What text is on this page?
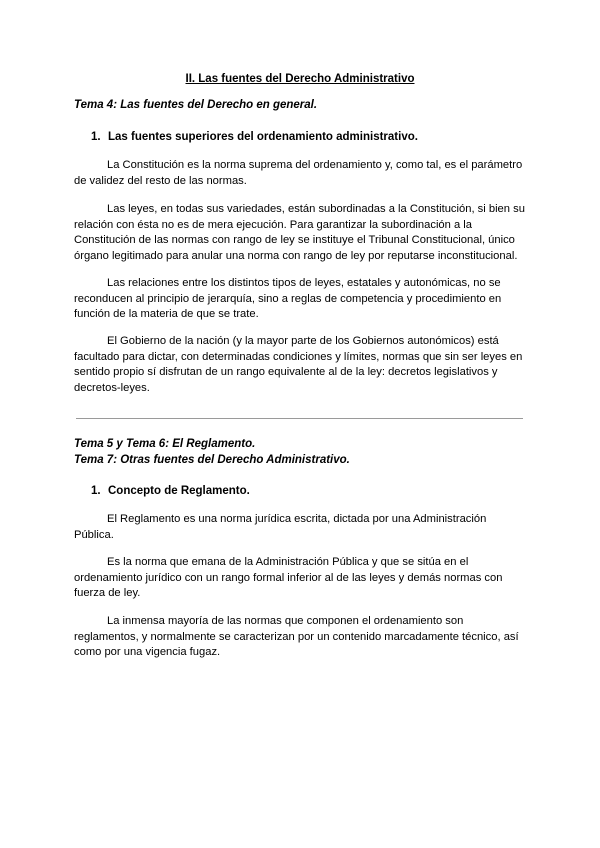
II. Las fuentes del Derecho Administrativo
Tema 4: Las fuentes del Derecho en general.
1. Las fuentes superiores del ordenamiento administrativo.

La Constitución es la norma suprema del ordenamiento y, como tal, es el parámetro de validez del resto de las normas.

Las leyes, en todas sus variedades, están subordinadas a la Constitución, si bien su relación con ésta no es de mera ejecución. Para garantizar la subordinación a la Constitución de las normas con rango de ley se instituye el Tribunal Constitucional, único órgano legitimado para anular una norma con rango de ley por reputarse inconstitucional.

Las relaciones entre los distintos tipos de leyes, estatales y autonómicas, no se reconducen al principio de jerarquía, sino a reglas de competencia y procedimiento en función de la materia de que se trate.

El Gobierno de la nación (y la mayor parte de los Gobiernos autonómicos) está facultado para dictar, con determinadas condiciones y límites, normas que sin ser leyes en sentido propio sí disfrutan de un rango equivalente al de la ley: decretos legislativos y decretos-leyes.

Tema 5 y Tema 6: El Reglamento.
Tema 7: Otras fuentes del Derecho Administrativo.
1. Concepto de Reglamento.

El Reglamento es una norma jurídica escrita, dictada por una Administración Pública.

Es la norma que emana de la Administración Pública y que se sitúa en el ordenamiento jurídico con un rango formal inferior al de las leyes y demás normas con fuerza de ley.

La inmensa mayoría de las normas que componen el ordenamiento son reglamentos, y normalmente se caracterizan por un contenido marcadamente técnico, así como por una vigencia fugaz.
